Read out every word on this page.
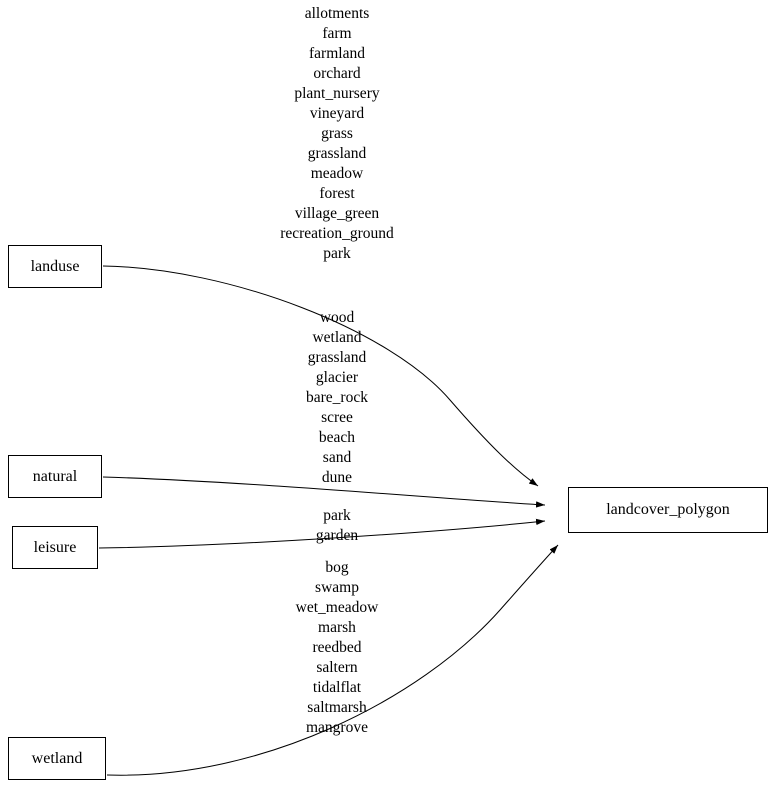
landuse
natural
leisure
wetland
landcover_polygon
allotments
farm
farmland
orchard
plant_nursery
vineyard
grass
grassland
meadow
forest
village_green
recreation_ground
park
wood
wetland
grassland
glacier
bare_rock
scree
beach
sand
dune
park
garden
bog
swamp
wet_meadow
marsh
reedbed
saltern
tidalflat
saltmarsh
mangrove
